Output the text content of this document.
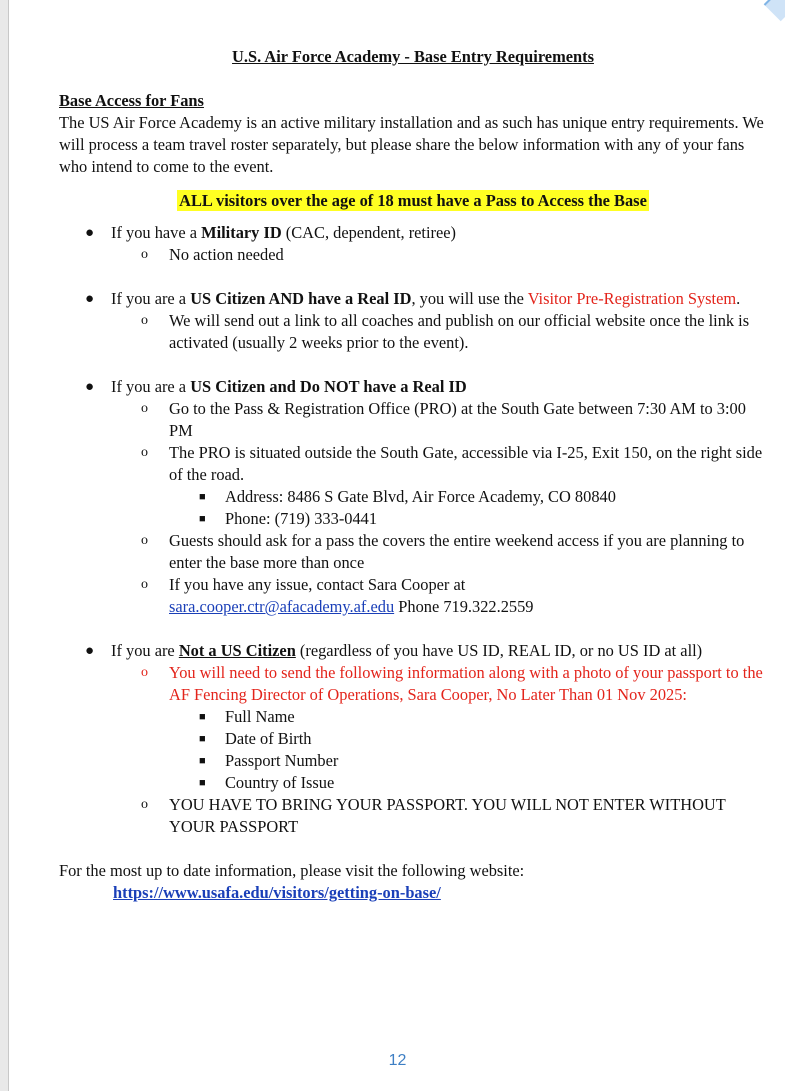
U.S. Air Force Academy - Base Entry Requirements

Base Access for Fans

The US Air Force Academy is an active military installation and as such has unique entry requirements. We will process a team travel roster separately, but please share the below information with any of your fans who intend to come to the event.

ALL visitors over the age of 18 must have a Pass to Access the Base
● If you have a Military ID (CAC, dependent, retiree)
o No action needed
● If you are a US Citizen AND have a Real ID, you will use the Visitor Pre-Registration System.
o We will send out a link to all coaches and publish on our official website once the link is activated (usually 2 weeks prior to the event).
● If you are a US Citizen and Do NOT have a Real ID
o Go to the Pass & Registration Office (PRO) at the South Gate between 7:30 AM to 3:00 PM
o The PRO is situated outside the South Gate, accessible via I-25, Exit 150, on the right side of the road.
■ Address: 8486 S Gate Blvd, Air Force Academy, CO 80840
■ Phone: (719) 333-0441
o Guests should ask for a pass the covers the entire weekend access if you are planning to enter the base more than once
o If you have any issue, contact Sara Cooper at
sara.cooper.ctr@afacademy.af.edu Phone 719.322.2559
● If you are Not a US Citizen (regardless of you have US ID, REAL ID, or no US ID at all)
o You will need to send the following information along with a photo of your passport to the AF Fencing Director of Operations, Sara Cooper, No Later Than 01 Nov 2025:
■ Full Name
■ Date of Birth
■ Passport Number
■ Country of Issue
o YOU HAVE TO BRING YOUR PASSPORT. YOU WILL NOT ENTER WITHOUT YOUR PASSPORT

For the most up to date information, please visit the following website:

https://www.usafa.edu/visitors/getting-on-base/

12
